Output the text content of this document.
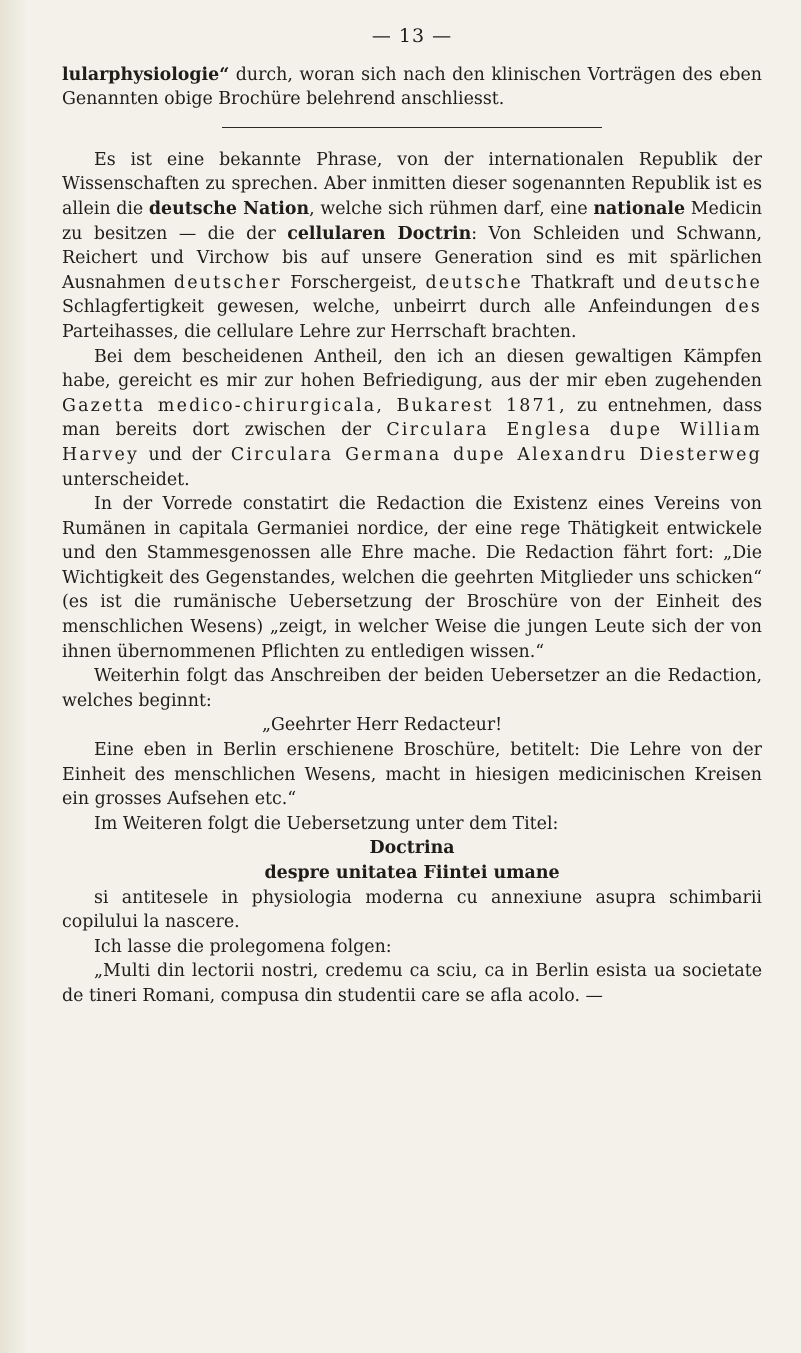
— 13 —

lularphysiologie“ durch, woran sich nach den klinischen Vorträgen des eben Genannten obige Brochüre belehrend anschliesst.

Es ist eine bekannte Phrase, von der internationalen Republik der Wissenschaften zu sprechen. Aber inmitten dieser sogenannten Republik ist es allein die deutsche Nation, welche sich rühmen darf, eine nationale Medicin zu besitzen — die der cellularen Doctrin: Von Schleiden und Schwann, Reichert und Virchow bis auf unsere Generation sind es mit spärlichen Ausnahmen deutscher Forschergeist, deutsche Thatkraft und deutsche Schlagfertigkeit gewesen, welche, unbeirrt durch alle Anfeindungen des Parteihasses, die cellulare Lehre zur Herrschaft brachten.

Bei dem bescheidenen Antheil, den ich an diesen gewaltigen Kämpfen habe, gereicht es mir zur hohen Befriedigung, aus der mir eben zugehenden Gazetta medico-chirurgicala, Bukarest 1871, zu entnehmen, dass man bereits dort zwischen der Circulara Englesa dupe William Harvey und der Circulara Germana dupe Alexandru Diesterweg unterscheidet.

In der Vorrede constatirt die Redaction die Existenz eines Vereins von Rumänen in capitala Germaniei nordice, der eine rege Thätigkeit entwickele und den Stammesgenossen alle Ehre mache. Die Redaction fährt fort: „Die Wichtigkeit des Gegenstandes, welchen die geehrten Mitglieder uns schicken“ (es ist die rumänische Uebersetzung der Broschüre von der Einheit des menschlichen Wesens) „zeigt, in welcher Weise die jungen Leute sich der von ihnen übernommenen Pflichten zu entledigen wissen.“

Weiterhin folgt das Anschreiben der beiden Uebersetzer an die Redaction, welches beginnt:

„Geehrter Herr Redacteur!

Eine eben in Berlin erschienene Broschüre, betitelt: Die Lehre von der Einheit des menschlichen Wesens, macht in hiesigen medicinischen Kreisen ein grosses Aufsehen etc.“

Im Weiteren folgt die Uebersetzung unter dem Titel:

Doctrina

despre unitatea Fiintei umane

si antitesele in physiologia moderna cu annexiune asupra schimbarii copilului la nascere.

Ich lasse die prolegomena folgen:

„Multi din lectorii nostri, credemu ca sciu, ca in Berlin esista ua societate de tineri Romani, compusa din studentii care se afla acolo. —
